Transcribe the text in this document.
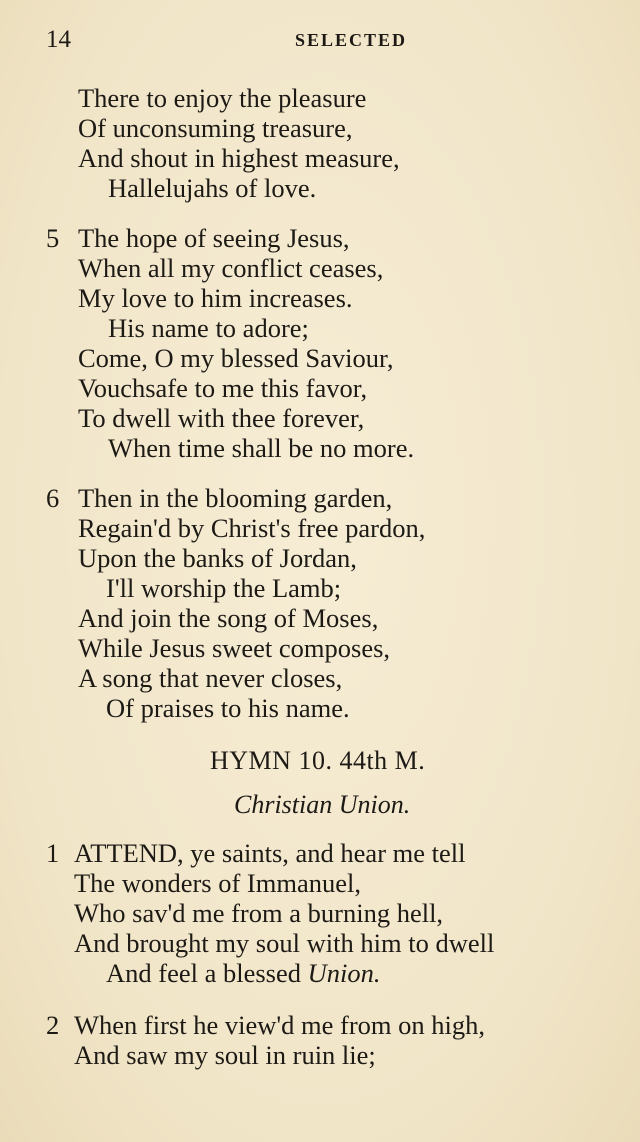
14	SELECTED
There to enjoy the pleasure
Of unconsuming treasure,
And shout in highest measure,
Hallelujahs of love.
5 The hope of seeing Jesus,
When all my conflict ceases,
My love to him increases.
His name to adore;
Come, O my blessed Saviour,
Vouchsafe to me this favor,
To dwell with thee forever,
When time shall be no more.
6 Then in the blooming garden,
Regain'd by Christ's free pardon,
Upon the banks of Jordan,
I'll worship the Lamb;
And join the song of Moses,
While Jesus sweet composes,
A song that never closes,
Of praises to his name.
HYMN 10. 44th M.
Christian Union.
1 ATTEND, ye saints, and hear me tell
The wonders of Immanuel,
Who sav'd me from a burning hell,
And brought my soul with him to dwell
And feel a blessed Union.
2 When first he view'd me from on high,
And saw my soul in ruin lie;
